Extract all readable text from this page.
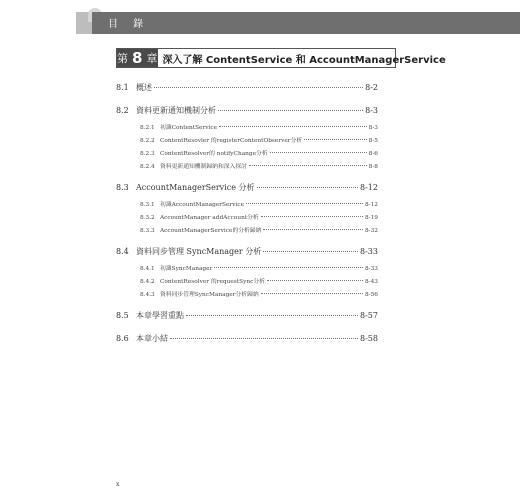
目 錄
第 8 章 深入了解 ContentService 和 AccountManagerService
8.1 概述	8-2
8.2 資料更新通知機制分析	8-3
8.2.1 初識ContentService	8-3
8.2.2 ContentResovler 的registerContentObserver分析	8-5
8.2.3 ContentResolver的 notifyChange分析	8-6
8.2.4 資料更新通知機制歸納和深入探討	8-8
8.3 AccountManagerService 分析	8-12
8.3.1 初識AccountManagerService	8-12
8.3.2 AccountManager addAccount分析	8-19
8.3.3 AccountManagerService的分析歸納	8-32
8.4 資料同步管理 SyncManager 分析	8-33
8.4.1 初識SyncManager	8-33
8.4.2 ContentResolver 的requestSync分析	8-43
8.4.3 資料同步管理SyncManager分析歸納	8-56
8.5 本章學習重點	8-57
8.6 本章小結	8-58
x
